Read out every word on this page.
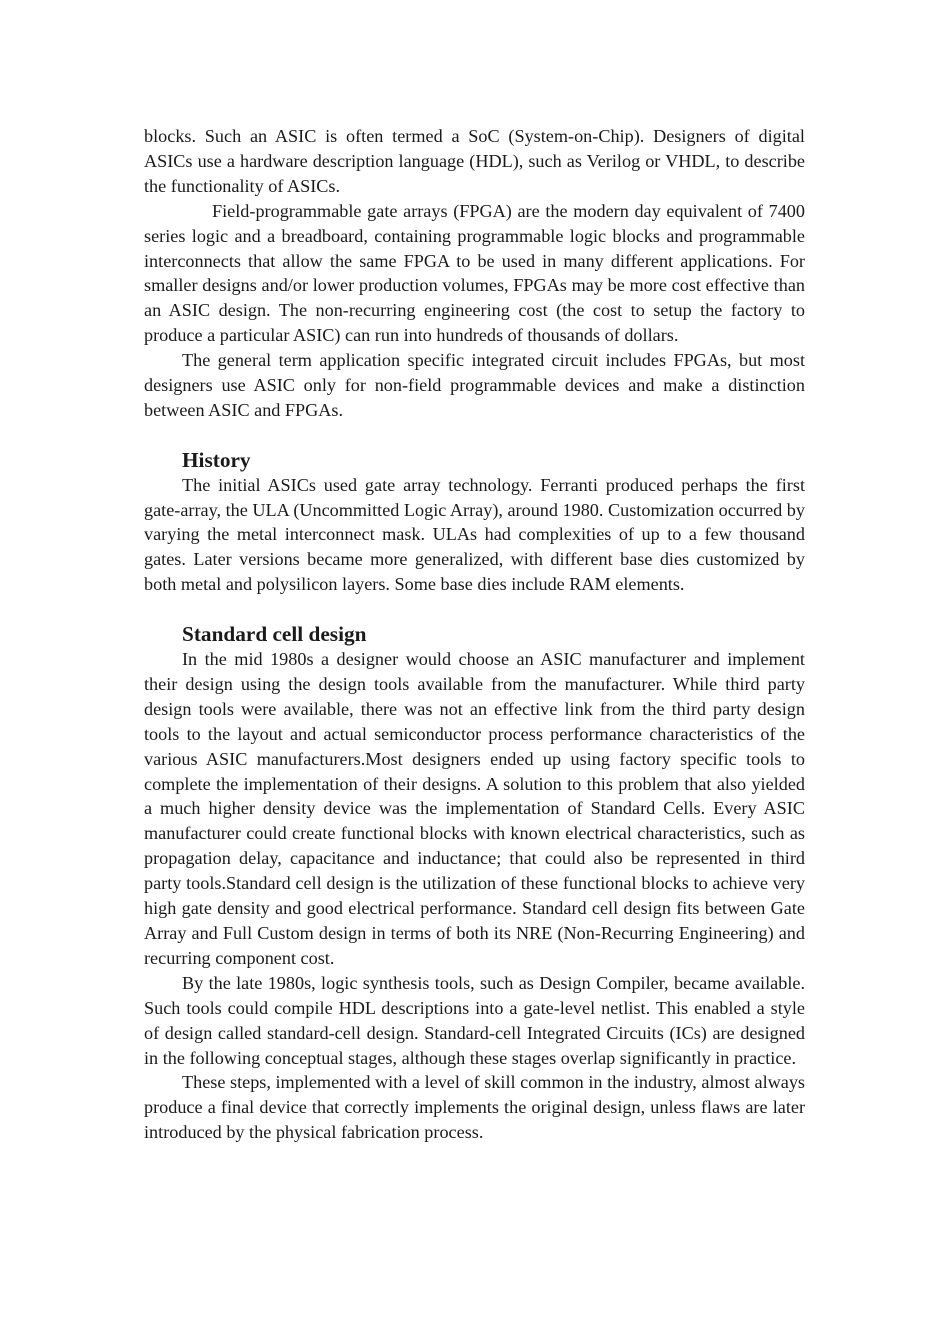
blocks. Such an ASIC is often termed a SoC (System-on-Chip). Designers of digital ASICs use a hardware description language (HDL), such as Verilog or VHDL, to describe the functionality of ASICs.

Field-programmable gate arrays (FPGA) are the modern day equivalent of 7400 series logic and a breadboard, containing programmable logic blocks and programmable interconnects that allow the same FPGA to be used in many different applications. For smaller designs and/or lower production volumes, FPGAs may be more cost effective than an ASIC design. The non-recurring engineering cost (the cost to setup the factory to produce a particular ASIC) can run into hundreds of thousands of dollars.

The general term application specific integrated circuit includes FPGAs, but most designers use ASIC only for non-field programmable devices and make a distinction between ASIC and FPGAs.

History

The initial ASICs used gate array technology. Ferranti produced perhaps the first gate-array, the ULA (Uncommitted Logic Array), around 1980. Customization occurred by varying the metal interconnect mask. ULAs had complexities of up to a few thousand gates. Later versions became more generalized, with different base dies customized by both metal and polysilicon layers. Some base dies include RAM elements.

Standard cell design

In the mid 1980s a designer would choose an ASIC manufacturer and implement their design using the design tools available from the manufacturer. While third party design tools were available, there was not an effective link from the third party design tools to the layout and actual semiconductor process performance characteristics of the various ASIC manufacturers.Most designers ended up using factory specific tools to complete the implementation of their designs. A solution to this problem that also yielded a much higher density device was the implementation of Standard Cells. Every ASIC manufacturer could create functional blocks with known electrical characteristics, such as propagation delay, capacitance and inductance; that could also be represented in third party tools.Standard cell design is the utilization of these functional blocks to achieve very high gate density and good electrical performance. Standard cell design fits between Gate Array and Full Custom design in terms of both its NRE (Non-Recurring Engineering) and recurring component cost.

By the late 1980s, logic synthesis tools, such as Design Compiler, became available. Such tools could compile HDL descriptions into a gate-level netlist. This enabled a style of design called standard-cell design. Standard-cell Integrated Circuits (ICs) are designed in the following conceptual stages, although these stages overlap significantly in practice.

These steps, implemented with a level of skill common in the industry, almost always produce a final device that correctly implements the original design, unless flaws are later introduced by the physical fabrication process.
